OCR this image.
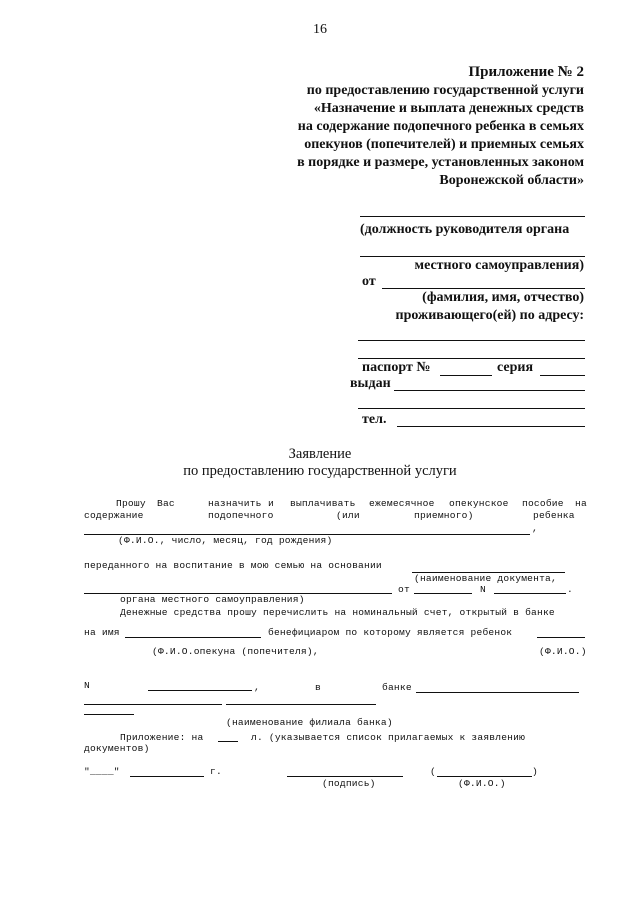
16
Приложение № 2
по предоставлению государственной услуги
«Назначение и выплата денежных средств
на содержание подопечного ребенка в семьях
опекунов (попечителей) и приемных семьях
в порядке и размере, установленных законом
Воронежской области»
(должность руководителя органа
местного самоуправления)
от
(фамилия, имя, отчество)
проживающего(ей) по адресу:
паспорт №	серия
выдан
тел.
Заявление
по предоставлению государственной услуги
Прошу Вас	назначить и выплачивать ежемесячное опекунское пособие на
содержание	подопечного	(или	приемного)	ребенка
,
(Ф.И.О., число, месяц, год рождения)
переданного на воспитание в мою семью на основании
(наименование документа,
от	N	.
органа местного самоуправления)
Денежные средства прошу перечислить на номинальный счет, открытый в банке
на имя	бенефициаром по которому является ребенок
(Ф.И.О.опекуна (попечителя),	(Ф.И.О.)
N	,	в	банке
(наименование филиала банка)
Приложение: на	л. (указывается список прилагаемых к заявлению
документов)
"____"	г.	(	)
(подпись)	(Ф.И.О.)
